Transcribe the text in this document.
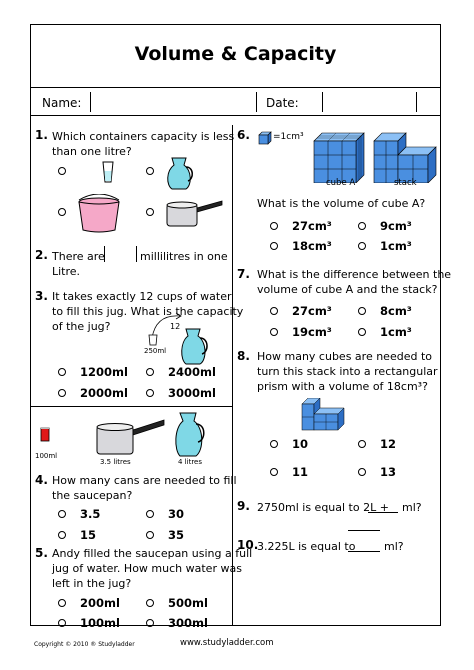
Volume & Capacity
Name:	Date:
1. Which containers capacity is less
than one litre?
2. There are	millilitres in one
Litre.
3. It takes exactly 12 cups of water
to fill this jug. What is the capacity
of the jug?	12
250ml
1200ml	2400ml
2000ml	3000ml
100ml
3.5 litres	4 litres
4. How many cans are needed to fill
the saucepan?
3.5	30
15	35
5. Andy filled the saucepan using a full
jug of water. How much water was
left in the jug?
200ml	500ml
100ml	300ml
6.	=1cm³
cube A	stack
What is the volume of cube A?
27cm³	9cm³
18cm³	1cm³
7. What is the difference between the
volume of cube A and the stack?
27cm³	8cm³
19cm³	1cm³
8. How many cubes are needed to
turn this stack into a rectangular
prism with a volume of 18cm³?
10	12
11	13
9. 2750ml is equal to 2L + ml?
10.
3.225L is equal to	ml?
Copyright © 2010 ® Studyladder	www.studyladder.com
